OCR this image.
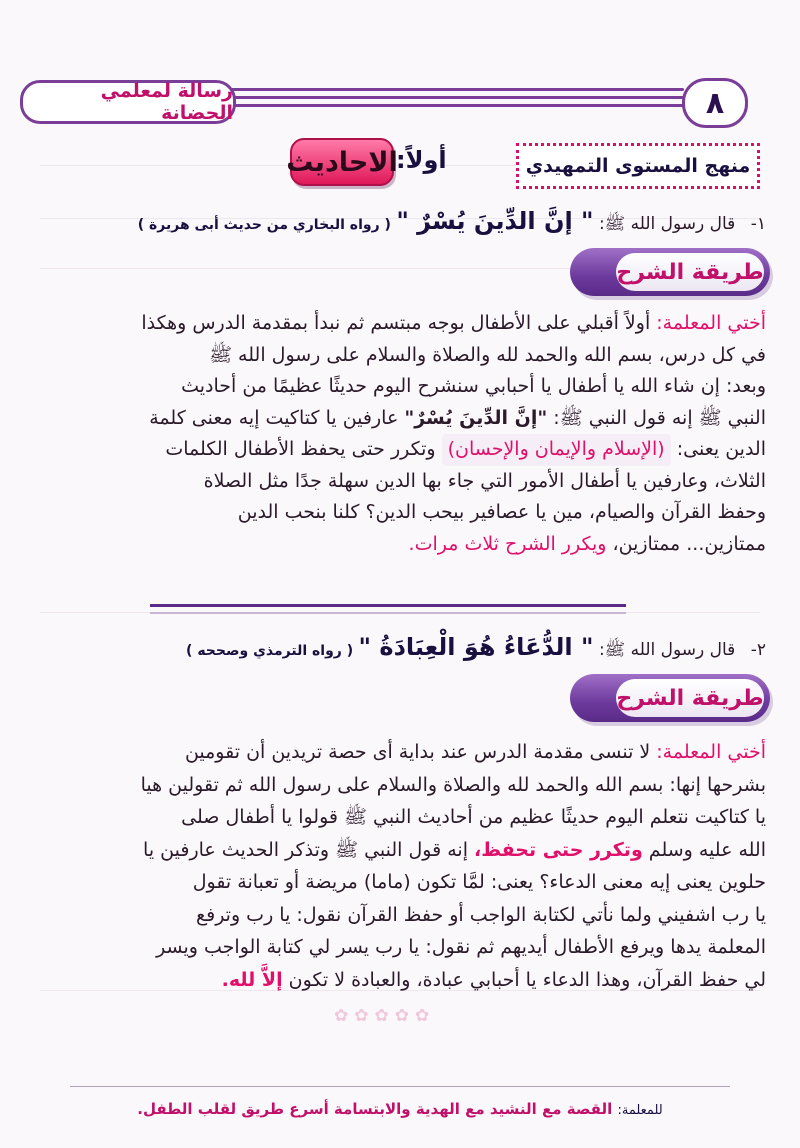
٨
رسالة لمعلمي الحضانة
منهج المستوى التمهيدي
أولاً:
الاحاديث
١- قال رسول الله ﷺ: " إنَّ الدِّينَ يُسْرٌ " ( رواه البخاري من حديث أبى هريرة )
طريقة الشرح

أختي المعلمة: أولاً أقبلي على الأطفال بوجه مبتسم ثم نبدأ بمقدمة الدرس وهكذا

في كل درس، بسم الله والحمد لله والصلاة والسلام على رسول الله ﷺ

وبعد: إن شاء الله يا أطفال يا أحبابي سنشرح اليوم حديثًا عظيمًا من أحاديث

النبي ﷺ إنه قول النبي ﷺ: "إنَّ الدِّينَ يُسْرٌ" عارفين يا كتاكيت إيه معنى كلمة

الدين يعنى: (الإسلام والإيمان والإحسان) وتكرر حتى يحفظ الأطفال الكلمات

الثلاث، وعارفين يا أطفال الأمور التي جاء بها الدين سهلة جدًا مثل الصلاة

وحفظ القرآن والصيام، مين يا عصافير بيحب الدين؟ كلنا بنحب الدين

ممتازين... ممتازين، ويكرر الشرح ثلاث مرات.

٢- قال رسول الله ﷺ: " الدُّعَاءُ هُوَ الْعِبَادَةُ " ( رواه الترمذي وصححه )
طريقة الشرح

أختي المعلمة: لا تنسى مقدمة الدرس عند بداية أى حصة تريدين أن تقومين

بشرحها إنها: بسم الله والحمد لله والصلاة والسلام على رسول الله ثم تقولين هيا

يا كتاكيت نتعلم اليوم حديثًا عظيم من أحاديث النبي ﷺ قولوا يا أطفال صلى

الله عليه وسلم وتكرر حتى تحفظ، إنه قول النبي ﷺ وتذكر الحديث عارفين يا

حلوين يعنى إيه معنى الدعاء؟ يعنى: لمَّا تكون (ماما) مريضة أو تعبانة تقول

يا رب اشفيني ولما نأتي لكتابة الواجب أو حفظ القرآن نقول: يا رب وترفع

المعلمة يدها ويرفع الأطفال أيديهم ثم نقول: يا رب يسر لي كتابة الواجب ويسر

لي حفظ القرآن، وهذا الدعاء يا أحبابي عبادة، والعبادة لا تكون إلاَّ لله.

✿✿✿✿✿
للمعلمة: القصة مع النشيد مع الهدية والابتسامة أسرع طريق لقلب الطفل.
